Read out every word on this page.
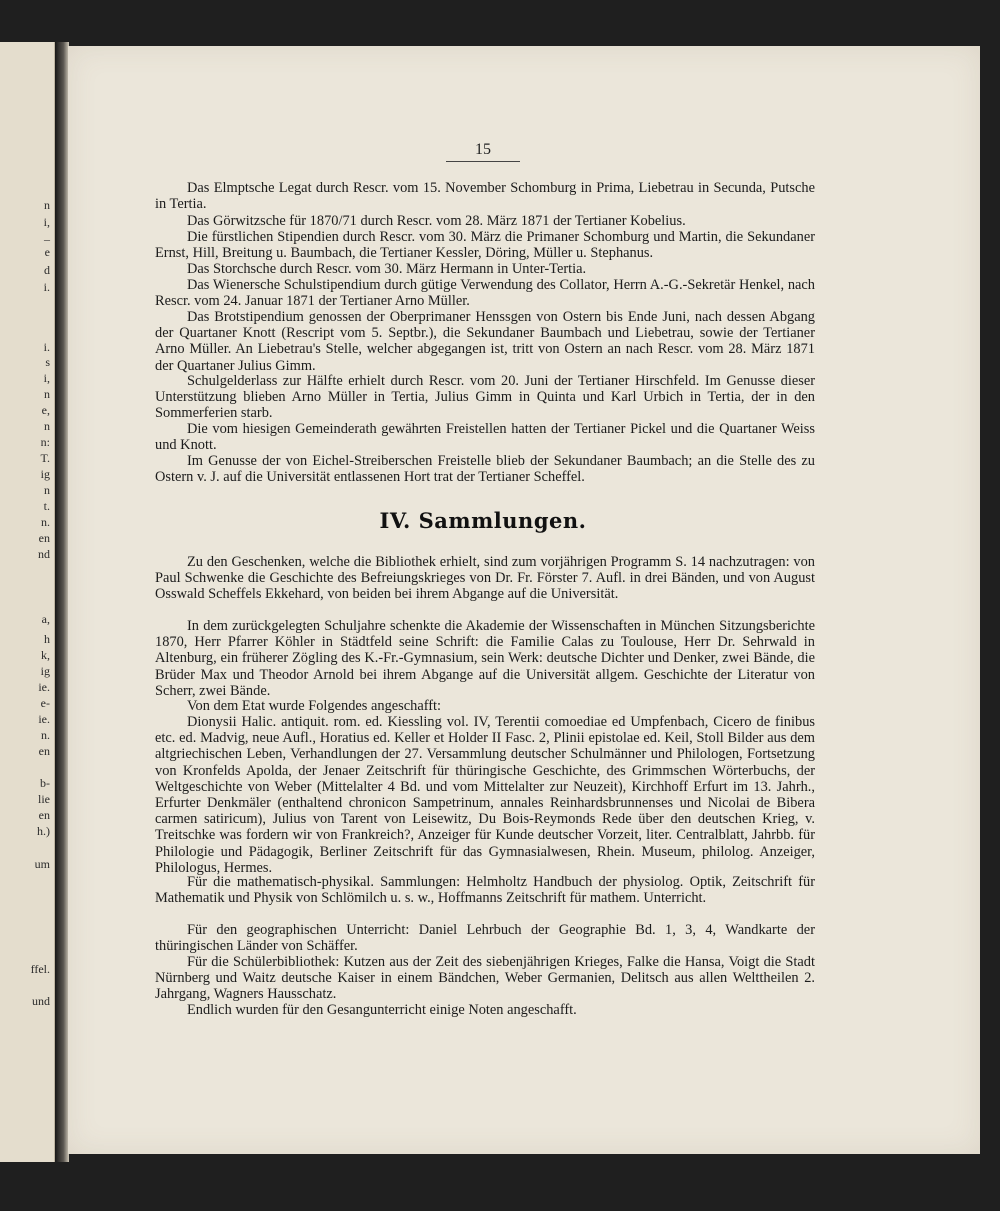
n
i,
–
e
d
i.
i.
s
i,
n
e,
n
n:
T.
ig
n
t.
n.
en
nd
a,
h
k,
ig
ie.
e-
ie.
n.
en
b-
lie
en
h.)
um
ffel.
und
15

Das Elmptsche Legat durch Rescr. vom 15. November Schomburg in Prima, Liebetrau in Secunda, Putsche in Tertia.

Das Görwitzsche für 1870/71 durch Rescr. vom 28. März 1871 der Tertianer Kobelius.

Die fürstlichen Stipendien durch Rescr. vom 30. März die Primaner Schomburg und Martin, die Sekundaner Ernst, Hill, Breitung u. Baumbach, die Tertianer Kessler, Döring, Müller u. Stephanus.

Das Storchsche durch Rescr. vom 30. März Hermann in Unter-Tertia.

Das Wienersche Schulstipendium durch gütige Verwendung des Collator, Herrn A.-G.-Sekretär Henkel, nach Rescr. vom 24. Januar 1871 der Tertianer Arno Müller.

Das Brotstipendium genossen der Oberprimaner Henssgen von Ostern bis Ende Juni, nach dessen Abgang der Quartaner Knott (Rescript vom 5. Septbr.), die Sekundaner Baumbach und Liebetrau, sowie der Tertianer Arno Müller. An Liebetrau's Stelle, welcher abgegangen ist, tritt von Ostern an nach Rescr. vom 28. März 1871 der Quartaner Julius Gimm.

Schulgelderlass zur Hälfte erhielt durch Rescr. vom 20. Juni der Tertianer Hirschfeld. Im Genusse dieser Unterstützung blieben Arno Müller in Tertia, Julius Gimm in Quinta und Karl Urbich in Tertia, der in den Sommerferien starb.

Die vom hiesigen Gemeinderath gewährten Freistellen hatten der Tertianer Pickel und die Quartaner Weiss und Knott.

Im Genusse der von Eichel-Streiberschen Freistelle blieb der Sekundaner Baumbach; an die Stelle des zu Ostern v. J. auf die Universität entlassenen Hort trat der Tertianer Scheffel.

IV. Sammlungen.

Zu den Geschenken, welche die Bibliothek erhielt, sind zum vorjährigen Programm S. 14 nachzutragen: von Paul Schwenke die Geschichte des Befreiungskrieges von Dr. Fr. Förster 7. Aufl. in drei Bänden, und von August Osswald Scheffels Ekkehard, von beiden bei ihrem Abgange auf die Universität.

In dem zurückgelegten Schuljahre schenkte die Akademie der Wissenschaften in München Sitzungsberichte 1870, Herr Pfarrer Köhler in Städtfeld seine Schrift: die Familie Calas zu Toulouse, Herr Dr. Sehrwald in Altenburg, ein früherer Zögling des K.-Fr.-Gymnasium, sein Werk: deutsche Dichter und Denker, zwei Bände, die Brüder Max und Theodor Arnold bei ihrem Abgange auf die Universität allgem. Geschichte der Literatur von Scherr, zwei Bände.

Von dem Etat wurde Folgendes angeschafft:

Dionysii Halic. antiquit. rom. ed. Kiessling vol. IV, Terentii comoediae ed Umpfenbach, Cicero de finibus etc. ed. Madvig, neue Aufl., Horatius ed. Keller et Holder II Fasc. 2, Plinii epistolae ed. Keil, Stoll Bilder aus dem altgriechischen Leben, Verhandlungen der 27. Versammlung deutscher Schulmänner und Philologen, Fortsetzung von Kronfelds Apolda, der Jenaer Zeitschrift für thüringische Geschichte, des Grimmschen Wörterbuchs, der Weltgeschichte von Weber (Mittelalter 4 Bd. und vom Mittelalter zur Neuzeit), Kirchhoff Erfurt im 13. Jahrh., Erfurter Denkmäler (enthaltend chronicon Sampetrinum, annales Reinhardsbrunnenses und Nicolai de Bibera carmen satiricum), Julius von Tarent von Leisewitz, Du Bois-Reymonds Rede über den deutschen Krieg, v. Treitschke was fordern wir von Frankreich?, Anzeiger für Kunde deutscher Vorzeit, liter. Centralblatt, Jahrbb. für Philologie und Pädagogik, Berliner Zeitschrift für das Gymnasialwesen, Rhein. Museum, philolog. Anzeiger, Philologus, Hermes.

Für die mathematisch-physikal. Sammlungen: Helmholtz Handbuch der physiolog. Optik, Zeitschrift für Mathematik und Physik von Schlömilch u. s. w., Hoffmanns Zeitschrift für mathem. Unterricht.

Für den geographischen Unterricht: Daniel Lehrbuch der Geographie Bd. 1, 3, 4, Wandkarte der thüringischen Länder von Schäffer.

Für die Schülerbibliothek: Kutzen aus der Zeit des siebenjährigen Krieges, Falke die Hansa, Voigt die Stadt Nürnberg und Waitz deutsche Kaiser in einem Bändchen, Weber Germanien, Delitsch aus allen Welttheilen 2. Jahrgang, Wagners Hausschatz.

Endlich wurden für den Gesangunterricht einige Noten angeschafft.
